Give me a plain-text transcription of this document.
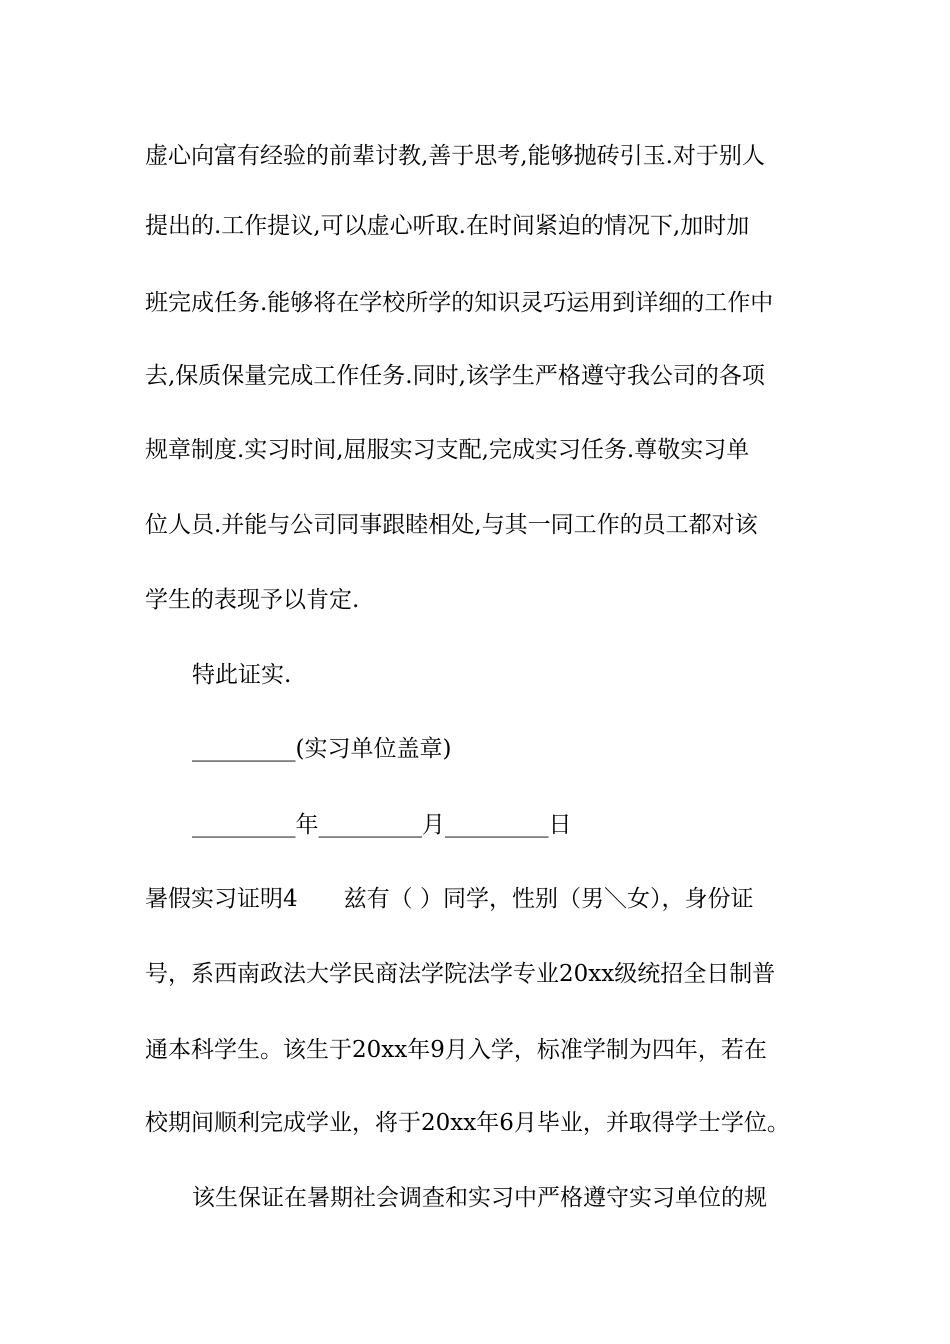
虚心向富有经验的前辈讨教,善于思考,能够抛砖引玉.对于别人
提出的.工作提议,可以虚心听取.在时间紧迫的情况下,加时加
班完成任务.能够将在学校所学的知识灵巧运用到详细的工作中
去,保质保量完成工作任务.同时,该学生严格遵守我公司的各项
规章制度.实习时间,屈服实习支配,完成实习任务.尊敬实习单
位人员.并能与公司同事跟睦相处,与其一同工作的员工都对该
学生的表现予以肯定.
特此证实.
_________(实习单位盖章)
_________年_________月_________日
暑假实习证明4　　兹有（ ）同学，性别（男＼女），身份证
号，系西南政法大学民商法学院法学专业20xx级统招全日制普
通本科学生。该生于20xx年9月入学，标准学制为四年，若在
校期间顺利完成学业，将于20xx年6月毕业，并取得学士学位。
该生保证在暑期社会调查和实习中严格遵守实习单位的规
